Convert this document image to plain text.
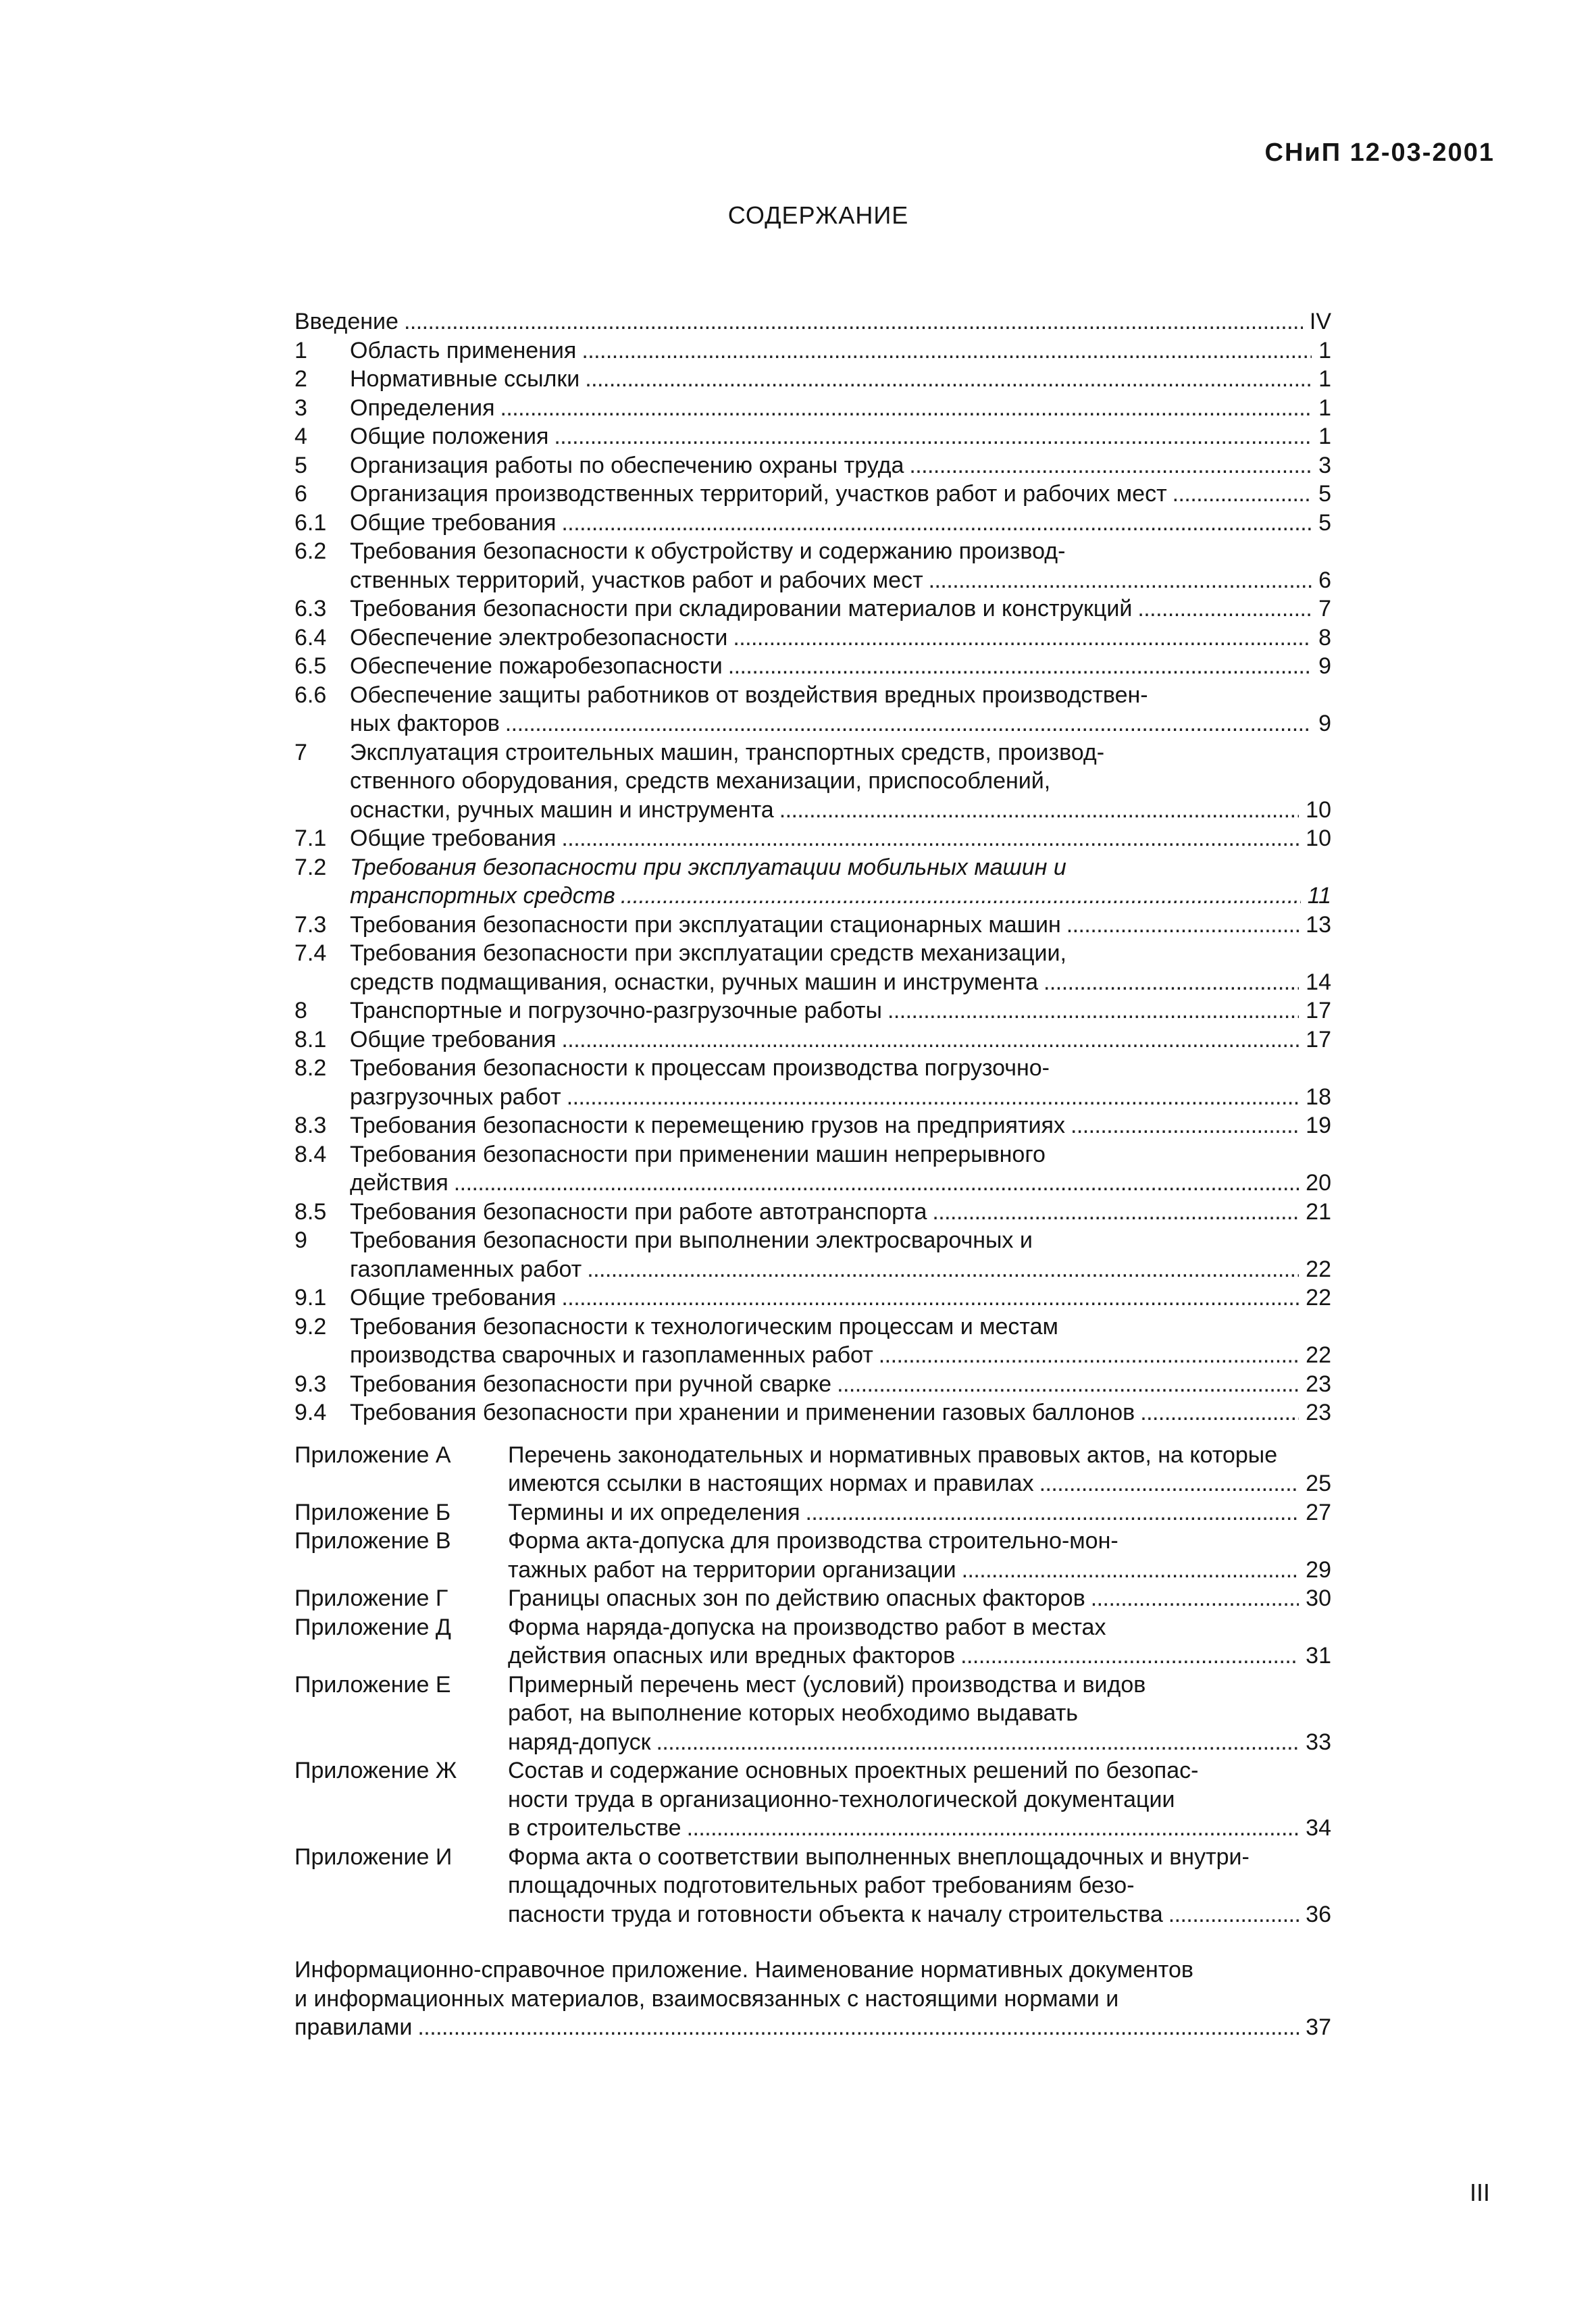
СНиП 12-03-2001
СОДЕРЖАНИЕ
Введение . . .	IV
1	Область применения . . .	1
2	Нормативные ссылки . . .	1
3	Определения . . .	1
4	Общие положения . . .	1
5	Организация работы по обеспечению охраны труда . . .	3
6	Организация производственных территорий, участков работ и рабочих мест . . .	5
6.1	Общие требования . . .	5
6.2	Требования безопасности к обустройству и содержанию производ-
ственных территорий, участков работ и рабочих мест . . .	6
6.3	Требования безопасности при складировании материалов и конструкций . . .	7
6.4	Обеспечение электробезопасности . . .	8
6.5	Обеспечение пожаробезопасности . . .	9
6.6	Обеспечение защиты работников от воздействия вредных производствен-
ных факторов . . .	9
7	Эксплуатация строительных машин, транспортных средств, производ-
ственного оборудования, средств механизации, приспособлений,
оснастки, ручных машин и инструмента . . .	10
7.1	Общие требования . . .	10
7.2	Требования безопасности при эксплуатации мобильных машин и
транспортных средств . . .	11
7.3	Требования безопасности при эксплуатации стационарных машин . . .	13
7.4	Требования безопасности при эксплуатации средств механизации,
средств подмащивания, оснастки, ручных машин и инструмента . . .	14
8	Транспортные и погрузочно-разгрузочные работы . . .	17
8.1	Общие требования . . .	17
8.2	Требования безопасности к процессам производства погрузочно-
разгрузочных работ . . .	18
8.3	Требования безопасности к перемещению грузов на предприятиях . . .	19
8.4	Требования безопасности при применении машин непрерывного
действия . . .	20
8.5	Требования безопасности при работе автотранспорта . . .	21
9	Требования безопасности при выполнении электросварочных и
газопламенных работ . . .	22
9.1	Общие требования . . .	22
9.2	Требования безопасности к технологическим процессам и местам
производства сварочных и газопламенных работ . . .	22
9.3	Требования безопасности при ручной сварке . . .	23
9.4	Требования безопасности при хранении и применении газовых баллонов . . .	23
Приложение А	Перечень законодательных и нормативных правовых актов, на которые
имеются ссылки в настоящих нормах и правилах . . .	25
Приложение Б	Термины и их определения . . .	27
Приложение В	Форма акта-допуска для производства строительно-мон-
тажных работ на территории организации . . .	29
Приложение Г	Границы опасных зон по действию опасных факторов . . .	30
Приложение Д	Форма наряда-допуска на производство работ в местах
действия опасных или вредных факторов . . .	31
Приложение Е	Примерный перечень мест (условий) производства и видов
работ, на выполнение которых необходимо выдавать
наряд-допуск . . .	33
Приложение Ж	Состав и содержание основных проектных решений по безопас-
ности труда в организационно-технологической документации
в строительстве . . .	34
Приложение И	Форма акта о соответствии выполненных внеплощадочных и внутри-
площадочных подготовительных работ требованиям безо-
пасности труда и готовности объекта к началу строительства . . .	36
Информационно-справочное приложение. Наименование нормативных документов
и информационных материалов, взаимосвязанных с настоящими нормами и
правилами . . .	37
III
